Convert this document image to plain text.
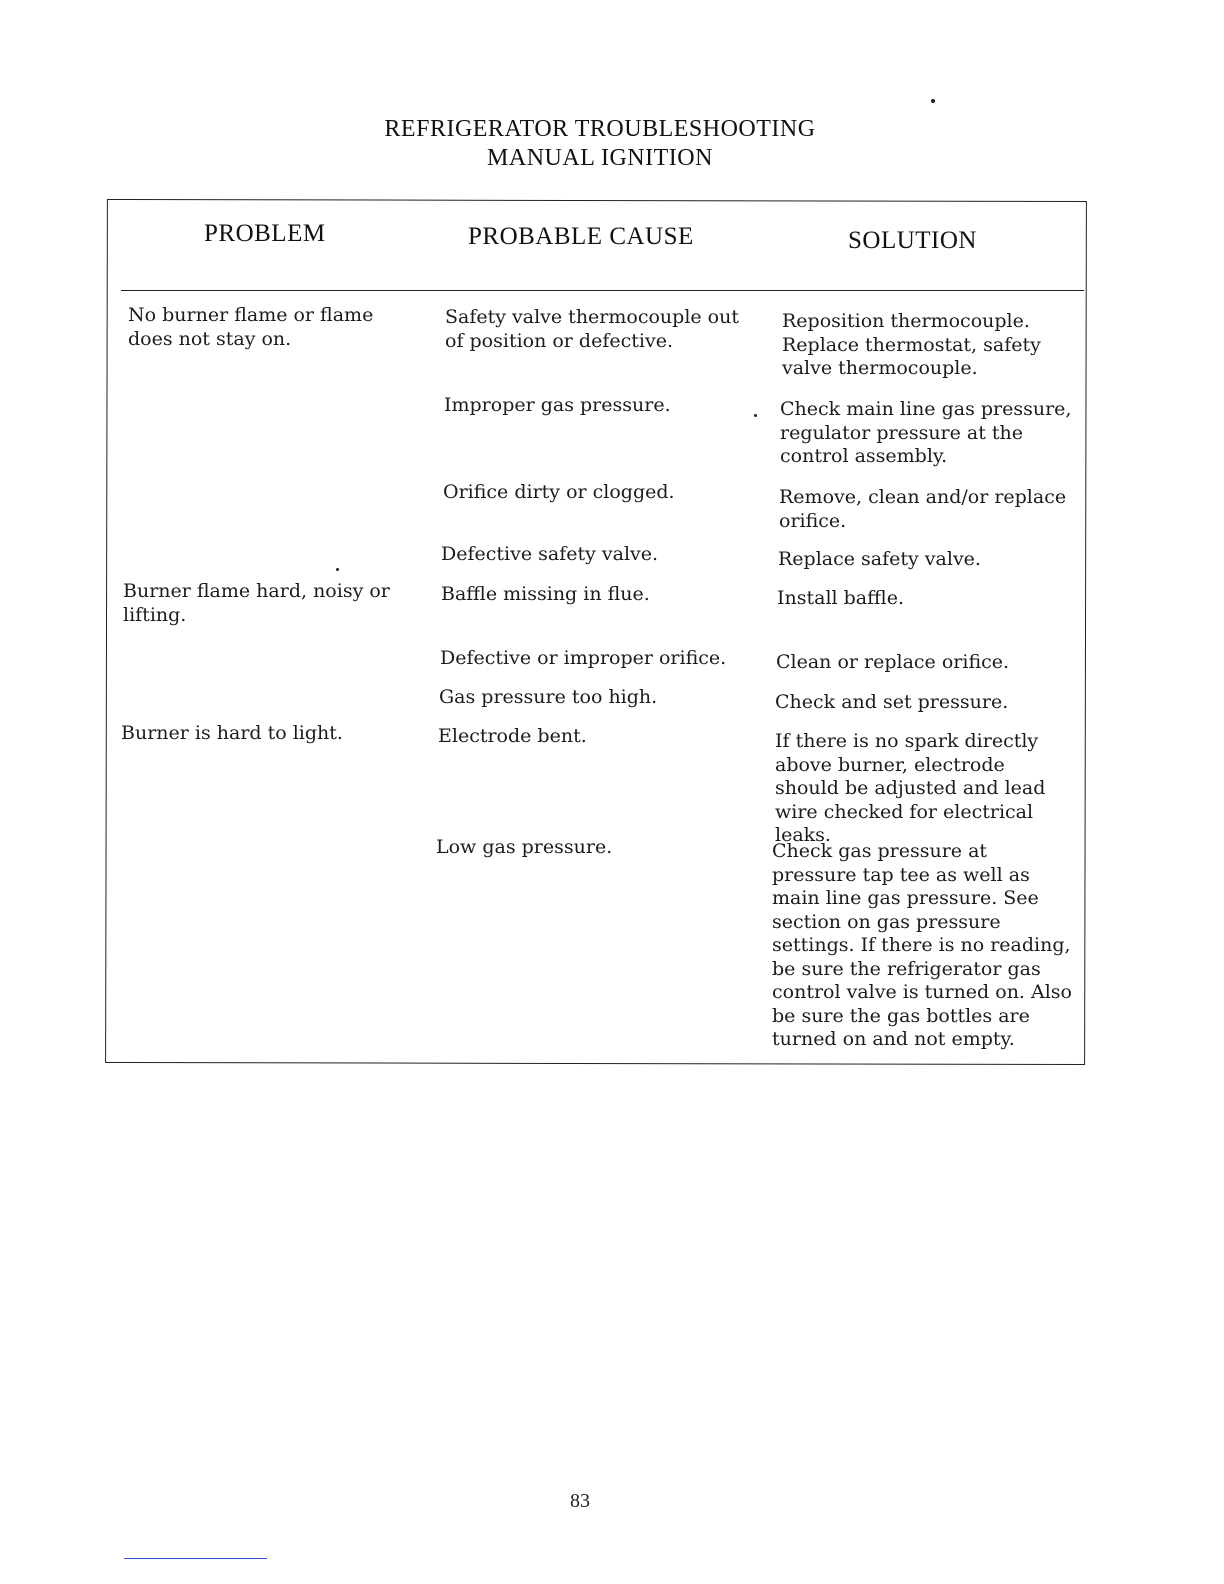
REFRIGERATOR TROUBLESHOOTING
MANUAL IGNITION
PROBLEM	PROBABLE CAUSE	SOLUTION
No burner flame or flame does not stay on.
Burner flame hard, noisy or lifting.
Burner is hard to light.
Safety valve thermocouple out of position or defective.
Improper gas pressure.
Orifice dirty or clogged.
Defective safety valve.
Baffle missing in flue.
Defective or improper orifice.
Gas pressure too high.
Electrode bent.
Low gas pressure.
Reposition thermocouple. Replace thermostat, safety valve thermocouple.
Check main line gas pressure, regulator pressure at the control assembly.
Remove, clean and/or replace orifice.
Replace safety valve.
Install baffle.
Clean or replace orifice.
Check and set pressure.
If there is no spark directly above burner, electrode should be adjusted and lead wire checked for electrical leaks.
Check gas pressure at pressure tap tee as well as main line gas pressure. See section on gas pressure settings. If there is no reading, be sure the refrigerator gas control valve is turned on. Also be sure the gas bottles are turned on and not empty.
83
